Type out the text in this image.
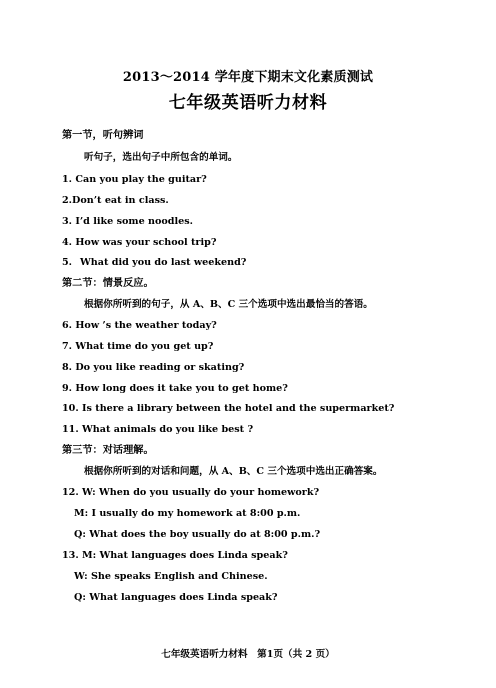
2013～2014 学年度下期末文化素质测试
七年级英语听力材料
第一节，听句辨词
听句子，选出句子中所包含的单词。
1. Can you play the guitar?
2.Don’t eat in class.
3. I’d like some noodles.
4. How was your school trip?
5. What did you do last weekend?
第二节：情景反应。
根据你所听到的句子，从 A、B、C 三个选项中选出最恰当的答语。
6. How ’s the weather today?
7. What time do you get up?
8. Do you like reading or skating?
9. How long does it take you to get home?
10. Is there a library between the hotel and the supermarket?
11. What animals do you like best ?
第三节：对话理解。
根据你所听到的对话和问题，从 A、B、C 三个选项中选出正确答案。
12. W: When do you usually do your homework?
M: I usually do my homework at 8:00 p.m.
Q: What does the boy usually do at 8:00 p.m.?
13. M: What languages does Linda speak?
W: She speaks English and Chinese.
Q: What languages does Linda speak?
七年级英语听力材料　第1页（共 2 页）
